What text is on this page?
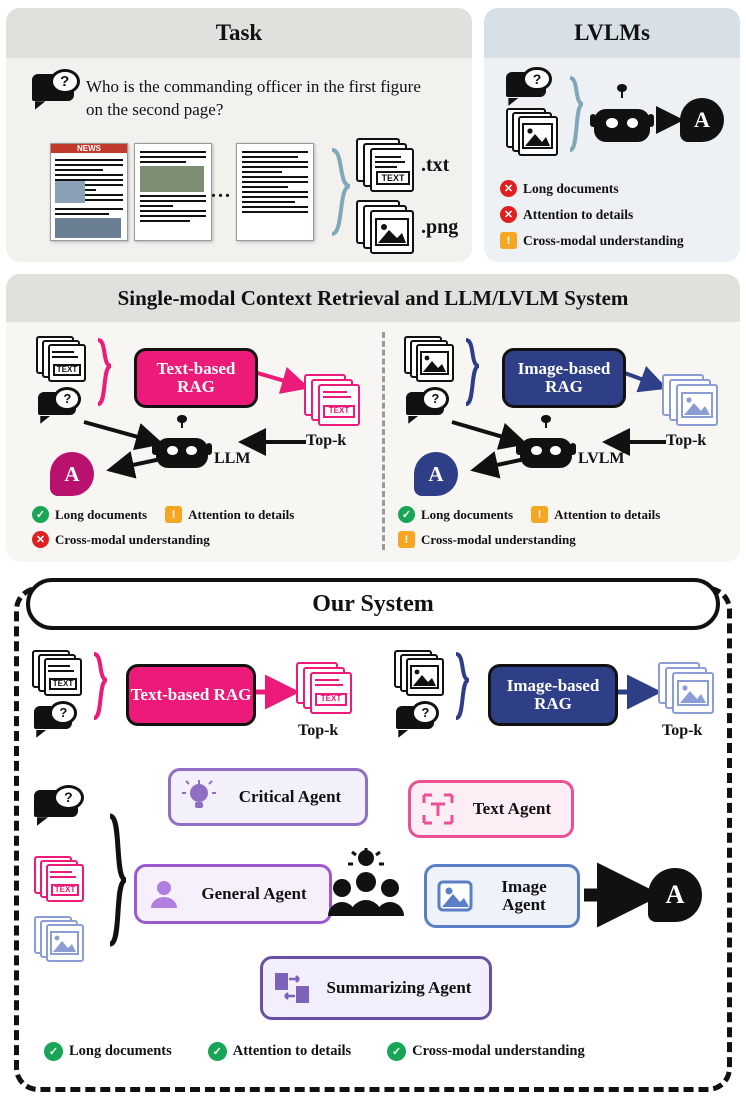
Task
? Who is the commanding officer in the first figure on the second page?
NEWS
...
TEXT
.txt
.png
LVLMs
?
A
✕ Long documents
✕ Attention to details
! Cross-modal understanding
Single-modal Context Retrieval and LLM/LVLM System
TEXT
?
Text-based RAG
TEXT
Top-k
LLM
A
✓ Long documents	! Attention to details
✕ Cross-modal understanding
?
Image-based RAG
Top-k
LVLM
A
✓ Long documents	! Attention to details
! Cross-modal understanding
Our System
TEXT
?
Text-based RAG	TEXT
Top-k
?
Image-based RAG
Top-k
?
TEXT
Critical Agent
Text Agent
General Agent	Image Agent
Summarizing Agent
A
✓ Long documents	✓ Attention to details	✓ Cross-modal understanding
